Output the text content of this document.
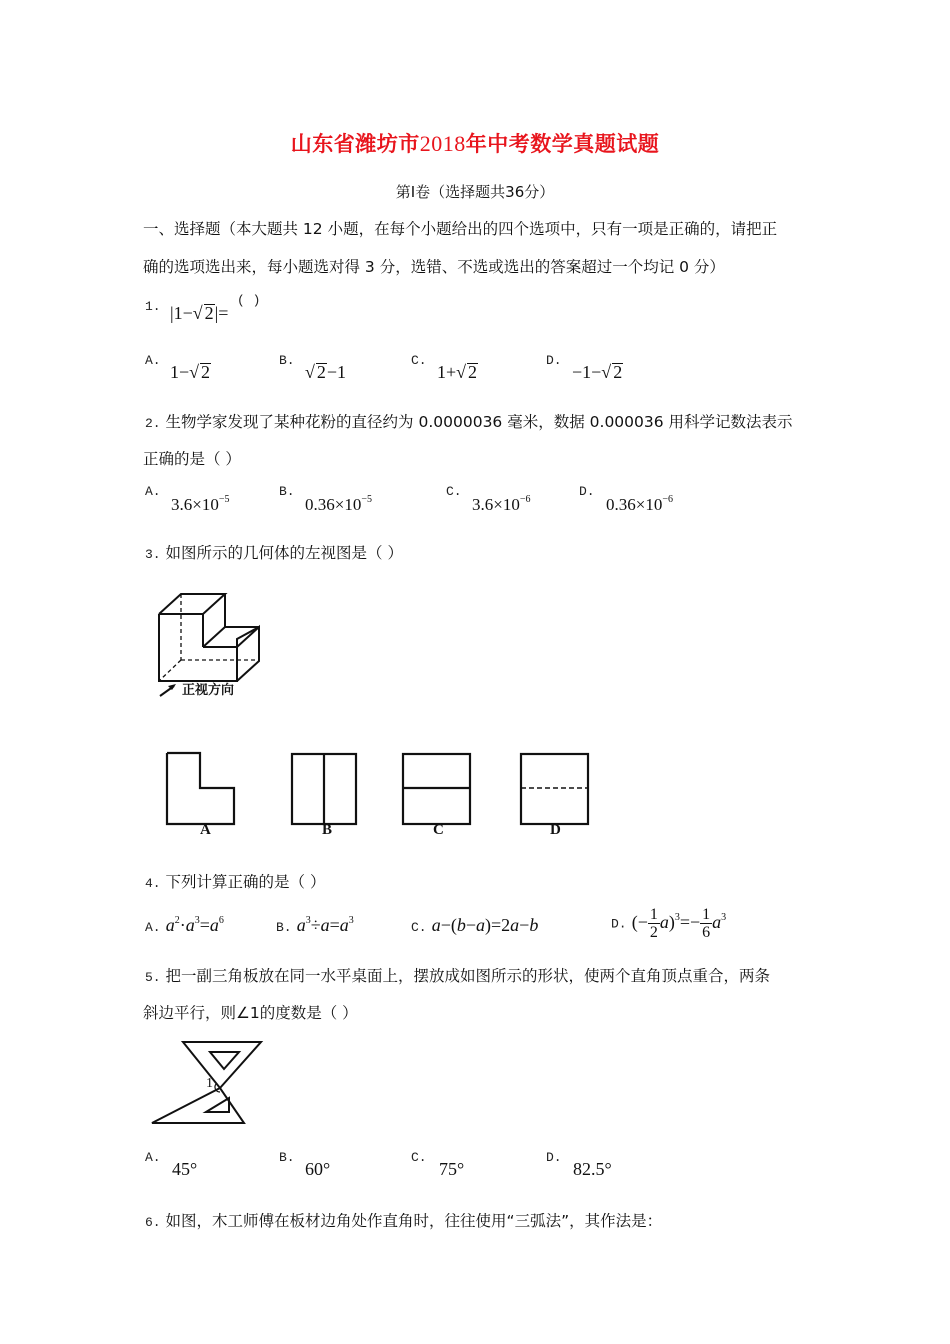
山东省潍坊市2018年中考数学真题试题
第Ⅰ卷（选择题共36分）
一、选择题（本大题共 12 小题，在每个小题给出的四个选项中，只有一项是正确的，请把正
确的选项选出来，每小题选对得 3 分，选错、不选或选出的答案超过一个均记 0 分）
1. |1−√ 2|=
( )
A.
1−√ 2
B.
√ 2−1
C.
1+√ 2
D.
−1−√ 2
2. 生物学家发现了某种花粉的直径约为 0.0000036 毫米，数据 0.000036 用科学记数法表示
正确的是（ ）
A.
$3.6\times 10^{-5}$
B.
$0.36\times 10^{-5}$
C.
$3.6\times 10^{-6}$
D.
$0.36\times 10^{-6}$
3. 如图所示的几何体的左视图是（ ）
正视方向
A	B	C	D
4. 下列计算正确的是（ ）
A. $a^2\cdot a^3=a^6$	B. $a^3\div a=a^3$	C. a−(b−a)=2a−b	D. (− $\frac{1}{2} a)^3=- \frac{1}{6} a^3$
5. 把一副三角板放在同一水平桌面上，摆放成如图所示的形状，使两个直角顶点重合，两条
斜边平行，则∠1的度数是（ ）
1
A.
45°
B.
60°
C.
75°
D.
82.5°
6. 如图，木工师傅在板材边角处作直角时，往往使用“三弧法”，其作法是：
